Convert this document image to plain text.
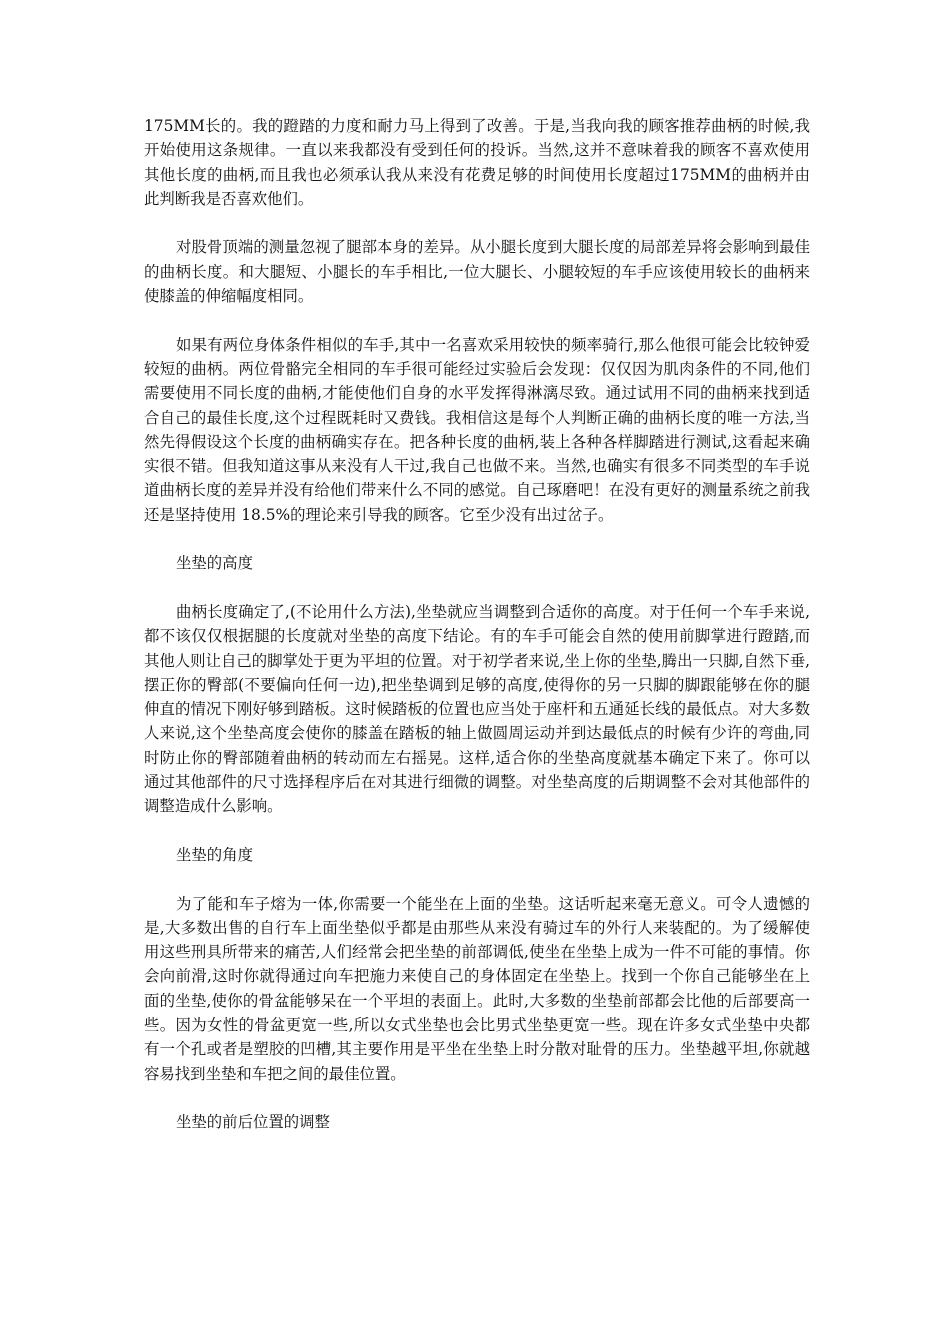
175MM长的。我的蹬踏的力度和耐力马上得到了改善。于是,当我向我的顾客推荐曲柄的时候,我开始使用这条规律。一直以来我都没有受到任何的投诉。当然,这并不意味着我的顾客不喜欢使用其他长度的曲柄,而且我也必须承认我从来没有花费足够的时间使用长度超过175MM的曲柄并由此判断我是否喜欢他们。

对股骨顶端的测量忽视了腿部本身的差异。从小腿长度到大腿长度的局部差异将会影响到最佳的曲柄长度。和大腿短、小腿长的车手相比,一位大腿长、小腿较短的车手应该使用较长的曲柄来使膝盖的伸缩幅度相同。

如果有两位身体条件相似的车手,其中一名喜欢采用较快的频率骑行,那么他很可能会比较钟爱较短的曲柄。两位骨骼完全相同的车手很可能经过实验后会发现：仅仅因为肌肉条件的不同,他们需要使用不同长度的曲柄,才能使他们自身的水平发挥得淋漓尽致。通过试用不同的曲柄来找到适合自己的最佳长度,这个过程既耗时又费钱。我相信这是每个人判断正确的曲柄长度的唯一方法,当然先得假设这个长度的曲柄确实存在。把各种长度的曲柄,装上各种各样脚踏进行测试,这看起来确实很不错。但我知道这事从来没有人干过,我自己也做不来。当然,也确实有很多不同类型的车手说道曲柄长度的差异并没有给他们带来什么不同的感觉。自己琢磨吧！在没有更好的测量系统之前我还是坚持使用 18.5%的理论来引导我的顾客。它至少没有出过岔子。

坐垫的高度

曲柄长度确定了,(不论用什么方法),坐垫就应当调整到合适你的高度。对于任何一个车手来说,都不该仅仅根据腿的长度就对坐垫的高度下结论。有的车手可能会自然的使用前脚掌进行蹬踏,而其他人则让自己的脚掌处于更为平坦的位置。对于初学者来说,坐上你的坐垫,腾出一只脚,自然下垂,摆正你的臀部(不要偏向任何一边),把坐垫调到足够的高度,使得你的另一只脚的脚跟能够在你的腿伸直的情况下刚好够到踏板。这时候踏板的位置也应当处于座杆和五通延长线的最低点。对大多数人来说,这个坐垫高度会使你的膝盖在踏板的轴上做圆周运动并到达最低点的时候有少许的弯曲,同时防止你的臀部随着曲柄的转动而左右摇晃。这样,适合你的坐垫高度就基本确定下来了。你可以通过其他部件的尺寸选择程序后在对其进行细微的调整。对坐垫高度的后期调整不会对其他部件的调整造成什么影响。

坐垫的角度

为了能和车子熔为一体,你需要一个能坐在上面的坐垫。这话听起来毫无意义。可令人遗憾的是,大多数出售的自行车上面坐垫似乎都是由那些从来没有骑过车的外行人来装配的。为了缓解使用这些刑具所带来的痛苦,人们经常会把坐垫的前部调低,使坐在坐垫上成为一件不可能的事情。你会向前滑,这时你就得通过向车把施力来使自己的身体固定在坐垫上。找到一个你自己能够坐在上面的坐垫,使你的骨盆能够呆在一个平坦的表面上。此时,大多数的坐垫前部都会比他的后部要高一些。因为女性的骨盆更宽一些,所以女式坐垫也会比男式坐垫更宽一些。现在许多女式坐垫中央都有一个孔或者是塑胶的凹槽,其主要作用是平坐在坐垫上时分散对耻骨的压力。坐垫越平坦,你就越容易找到坐垫和车把之间的最佳位置。

坐垫的前后位置的调整
